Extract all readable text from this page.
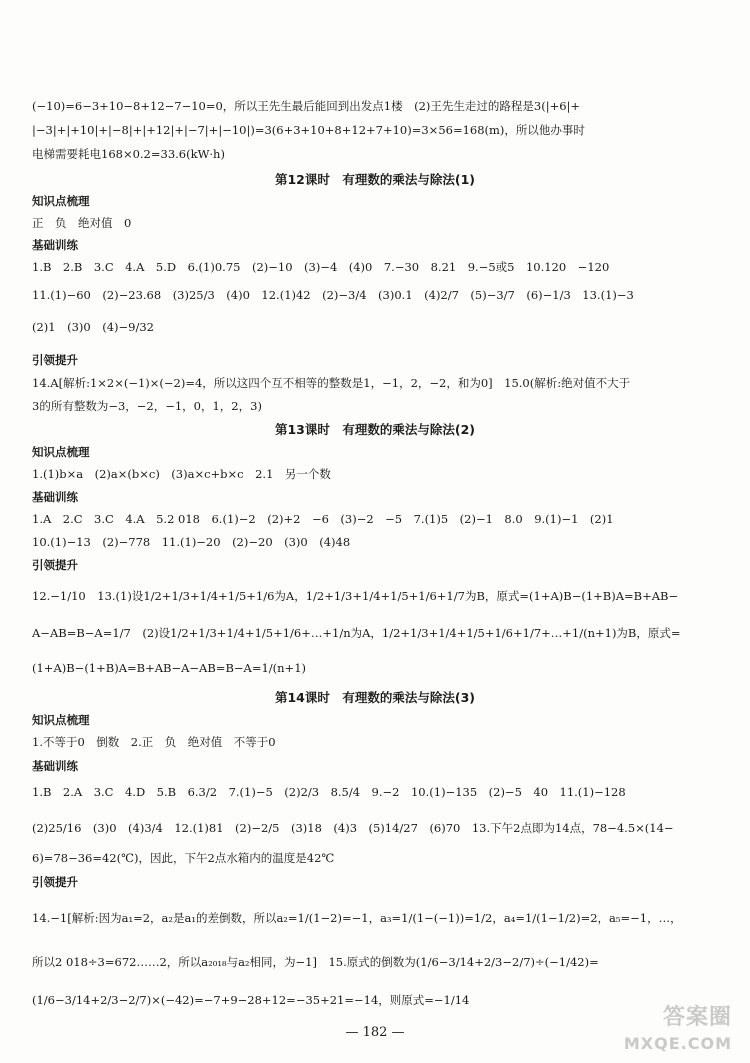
(−10)=6−3+10−8+12−7−10=0，所以王先生最后能回到出发点1楼　(2)王先生走过的路程是3(|+6|+
|−3|+|+10|+|−8|+|+12|+|−7|+|−10|)=3(6+3+10+8+12+7+10)=3×56=168(m)，所以他办事时
电梯需要耗电168×0.2=33.6(kW·h)
第12课时　有理数的乘法与除法(1)
知识点梳理
正　负　绝对值　0
基础训练
1.B　2.B　3.C　4.A　5.D　6.(1)0.75　(2)−10　(3)−4　(4)0　7.−30　8.21　9.−5或5　10.120　−120
11.(1)−60　(2)−23.68　(3)25/3　(4)0　12.(1)42　(2)−3/4　(3)0.1　(4)2/7　(5)−3/7　(6)−1/3　13.(1)−3
(2)1　(3)0　(4)−9/32
引领提升
14.A[解析:1×2×(−1)×(−2)=4，所以这四个互不相等的整数是1，−1，2，−2，和为0]　15.0(解析:绝对值不大于
3的所有整数为−3，−2，−1，0，1，2，3)
第13课时　有理数的乘法与除法(2)
知识点梳理
1.(1)b×a　(2)a×(b×c)　(3)a×c+b×c　2.1　另一个数
基础训练
1.A　2.C　3.C　4.A　5.2 018　6.(1)−2　(2)+2　−6　(3)−2　−5　7.(1)5　(2)−1　8.0　9.(1)−1　(2)1
10.(1)−13　(2)−778　11.(1)−20　(2)−20　(3)0　(4)48
引领提升
12.−1/10　13.(1)设1/2+1/3+1/4+1/5+1/6为A，1/2+1/3+1/4+1/5+1/6+1/7为B，原式=(1+A)B−(1+B)A=B+AB−
A−AB=B−A=1/7　(2)设1/2+1/3+1/4+1/5+1/6+…+1/n为A，1/2+1/3+1/4+1/5+1/6+1/7+…+1/(n+1)为B，原式=
(1+A)B−(1+B)A=B+AB−A−AB=B−A=1/(n+1)
第14课时　有理数的乘法与除法(3)
知识点梳理
1.不等于0　倒数　2.正　负　绝对值　不等于0
基础训练
1.B　2.A　3.C　4.D　5.B　6.3/2　7.(1)−5　(2)2/3　8.5/4　9.−2　10.(1)−135　(2)−5　40　11.(1)−128
(2)25/16　(3)0　(4)3/4　12.(1)81　(2)−2/5　(3)18　(4)3　(5)14/27　(6)70　13.下午2点即为14点，78−4.5×(14−
6)=78−36=42(℃)，因此，下午2点水箱内的温度是42℃
引领提升
14.−1[解析:因为a₁=2，a₂是a₁的差倒数，所以a₂=1/(1−2)=−1，a₃=1/(1−(−1))=1/2，a₄=1/(1−1/2)=2，a₅=−1，…，
所以2 018÷3=672……2，所以a₂₀₁₈与a₂相同，为−1]　15.原式的倒数为(1/6−3/14+2/3−2/7)÷(−1/42)=
(1/6−3/14+2/3−2/7)×(−42)=−7+9−28+12=−35+21=−14，则原式=−1/14
— 182 —
答案圈
MXQE.COM
